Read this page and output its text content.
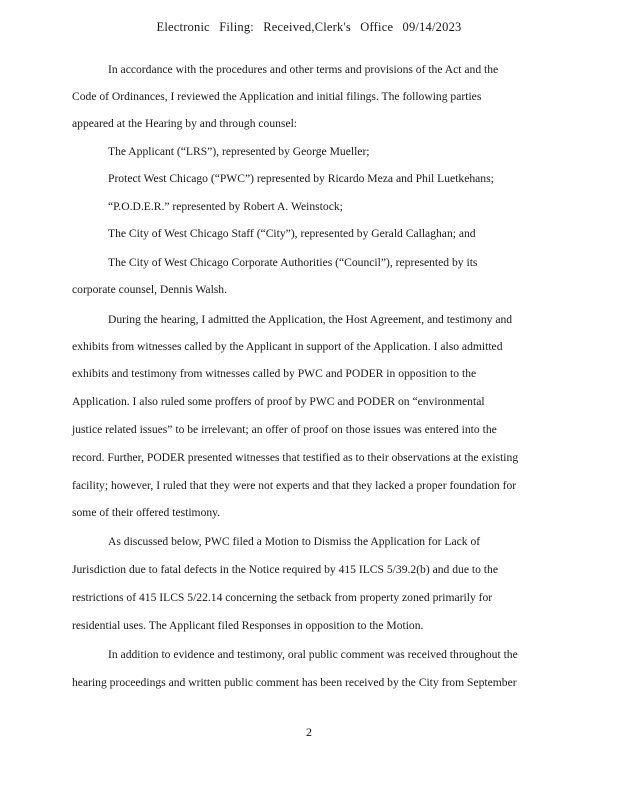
Electronic Filing: Received,Clerk's Office 09/14/2023
In accordance with the procedures and other terms and provisions of the Act and the
Code of Ordinances, I reviewed the Application and initial filings. The following parties
appeared at the Hearing by and through counsel:
The Applicant (“LRS”), represented by George Mueller;
Protect West Chicago (“PWC”) represented by Ricardo Meza and Phil Luetkehans;
“P.O.D.E.R.” represented by Robert A. Weinstock;
The City of West Chicago Staff (“City”), represented by Gerald Callaghan; and
The City of West Chicago Corporate Authorities (“Council”), represented by its
corporate counsel, Dennis Walsh.
During the hearing, I admitted the Application, the Host Agreement, and testimony and
exhibits from witnesses called by the Applicant in support of the Application. I also admitted
exhibits and testimony from witnesses called by PWC and PODER in opposition to the
Application. I also ruled some proffers of proof by PWC and PODER on “environmental
justice related issues” to be irrelevant; an offer of proof on those issues was entered into the
record. Further, PODER presented witnesses that testified as to their observations at the existing
facility; however, I ruled that they were not experts and that they lacked a proper foundation for
some of their offered testimony.
As discussed below, PWC filed a Motion to Dismiss the Application for Lack of
Jurisdiction due to fatal defects in the Notice required by 415 ILCS 5/39.2(b) and due to the
restrictions of 415 ILCS 5/22.14 concerning the setback from property zoned primarily for
residential uses. The Applicant filed Responses in opposition to the Motion.
In addition to evidence and testimony, oral public comment was received throughout the
hearing proceedings and written public comment has been received by the City from September
2
